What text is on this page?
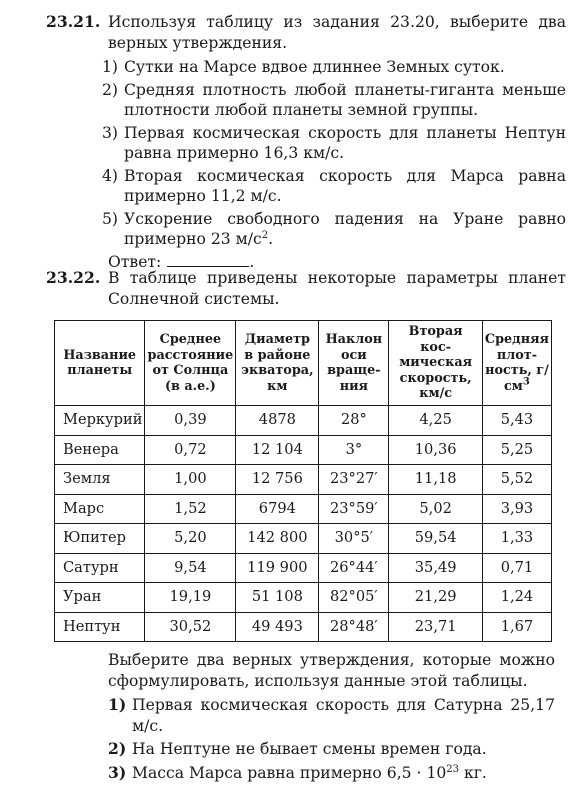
23.21. Используя таблицу из задания 23.20, выберите два верных утверждения.
1) Сутки на Марсе вдвое длиннее Земных суток.
2) Средняя плотность любой планеты-гиганта меньше плотности любой планеты земной группы.
3) Первая космическая скорость для планеты Нептун равна примерно 16,3 км/с.
4) Вторая космическая скорость для Марса равна примерно 11,2 м/с.
5) Ускорение свободного падения на Уране равно примерно 23 $м/с^2$.
Ответ:	.
23.22. В таблице приведены некоторые параметры планет Солнечной системы.
Название планеты	Среднее расстояние от Солнца (в а.е.)	Диаметр в районе экватора, км	Наклон оси враще-ния	Вторая кос-мическая скорость, км/с	Средняя плот-ность, $г/см^3$
Меркурий	0,39	4878	28°	4,25	5,43
Венера	0,72	12 104	3°	10,36	5,25
Земля	1,00	12 756	23°27′	11,18	5,52
Марс	1,52	6794	23°59′	5,02	3,93
Юпитер	5,20	142 800	30°5′	59,54	1,33
Сатурн	9,54	119 900	26°44′	35,49	0,71
Уран	19,19	51 108	82°05′	21,29	1,24
Нептун	30,52	49 493	28°48′	23,71	1,67
Выберите два верных утверждения, которые можно сформулировать, используя данные этой таблицы.
1) Первая космическая скорость для Сатурна 25,17 м/с.
2) На Нептуне не бывает смены времен года.
3) Масса Марса равна примерно $6,5 \cdot 10^{23}$ кг.
